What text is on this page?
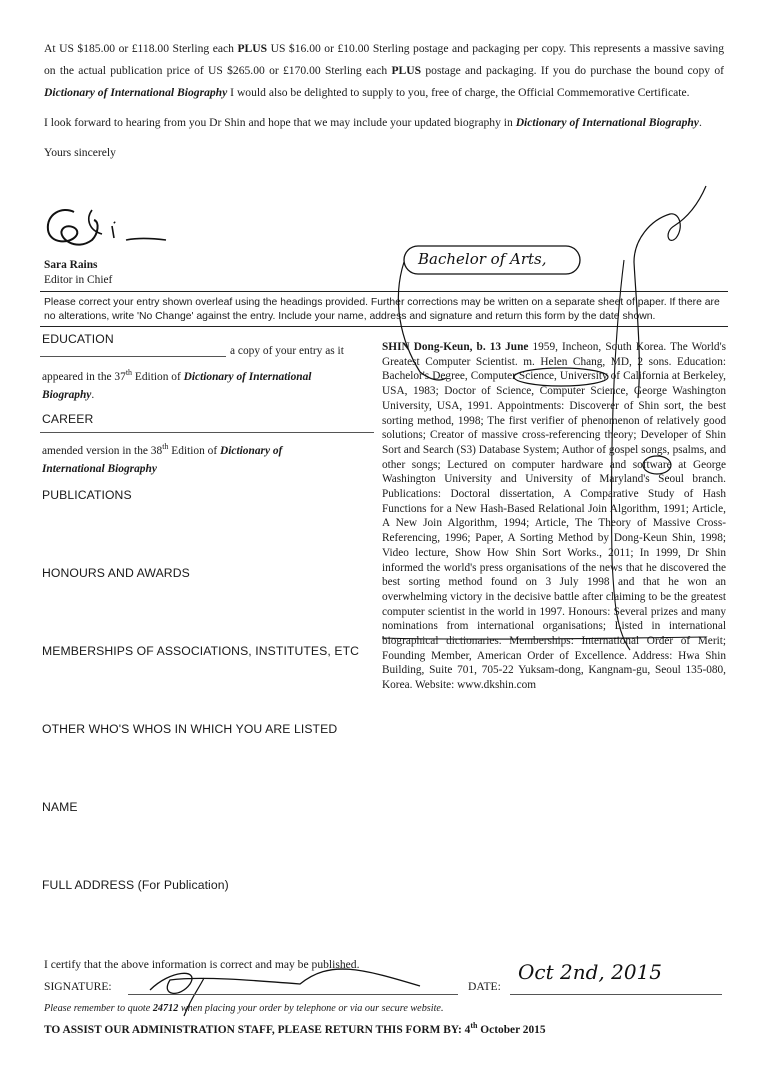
At US $185.00 or £118.00 Sterling each PLUS US $16.00 or £10.00 Sterling postage and packaging per copy. This represents a massive saving on the actual publication price of US $265.00 or £170.00 Sterling each PLUS postage and packaging. If you do purchase the bound copy of Dictionary of International Biography I would also be delighted to supply to you, free of charge, the Official Commemorative Certificate.

I look forward to hearing from you Dr Shin and hope that we may include your updated biography in Dictionary of International Biography.

Yours sincerely

Sara Rains
Editor in Chief
Please correct your entry shown overleaf using the headings provided. Further corrections may be written on a separate sheet of paper. If there are no alterations, write 'No Change' against the entry. Include your name, address and signature and return this form by the date shown.
EDUCATION
a copy of your entry as it
appeared in the 37th Edition of Dictionary of International
Biography.
CAREER
amended version in the 38th Edition of Dictionary of
International Biography
PUBLICATIONS
HONOURS AND AWARDS
MEMBERSHIPS OF ASSOCIATIONS, INSTITUTES, ETC
OTHER WHO'S WHOS IN WHICH YOU ARE LISTED
NAME
FULL ADDRESS (For Publication)
SHIN Dong-Keun, b. 13 June 1959, Incheon, South Korea. The World's Greatest Computer Scientist. m. Helen Chang, MD, 2 sons. Education: Bachelor's Degree, Computer Science, University of California at Berkeley, USA, 1983; Doctor of Science, Computer Science, George Washington University, USA, 1991. Appointments: Discoverer of Shin sort, the best sorting method, 1998; The first verifier of phenomenon of relatively good solutions; Creator of massive cross-referencing theory; Developer of Shin Sort and Search (S3) Database System; Author of gospel songs, psalms, and other songs; Lectured on computer hardware and software at George Washington University and University of Maryland's Seoul branch. Publications: Doctoral dissertation, A Comparative Study of Hash Functions for a New Hash-Based Relational Join Algorithm, 1991; Article, A New Join Algorithm, 1994; Article, The Theory of Massive Cross-Referencing, 1996; Paper, A Sorting Method by Dong-Keun Shin, 1998; Video lecture, Show How Shin Sort Works., 2011; In 1999, Dr Shin informed the world's press organisations of the news that he discovered the best sorting method found on 3 July 1998 and that he won an overwhelming victory in the decisive battle after claiming to be the greatest computer scientist in the world in 1997. Honours: Several prizes and many nominations from international organisations; Listed in international biographical dictionaries. Memberships: International Order of Merit; Founding Member, American Order of Excellence. Address: Hwa Shin Building, Suite 701, 705-22 Yuksam-dong, Kangnam-gu, Seoul 135-080, Korea. Website: www.dkshin.com
Bachelor of Arts,
I certify that the above information is correct and may be published.
SIGNATURE:	DATE:
Oct 2nd, 2015
Please remember to quote 24712 when placing your order by telephone or via our secure website.
TO ASSIST OUR ADMINISTRATION STAFF, PLEASE RETURN THIS FORM BY: 4th October 2015
